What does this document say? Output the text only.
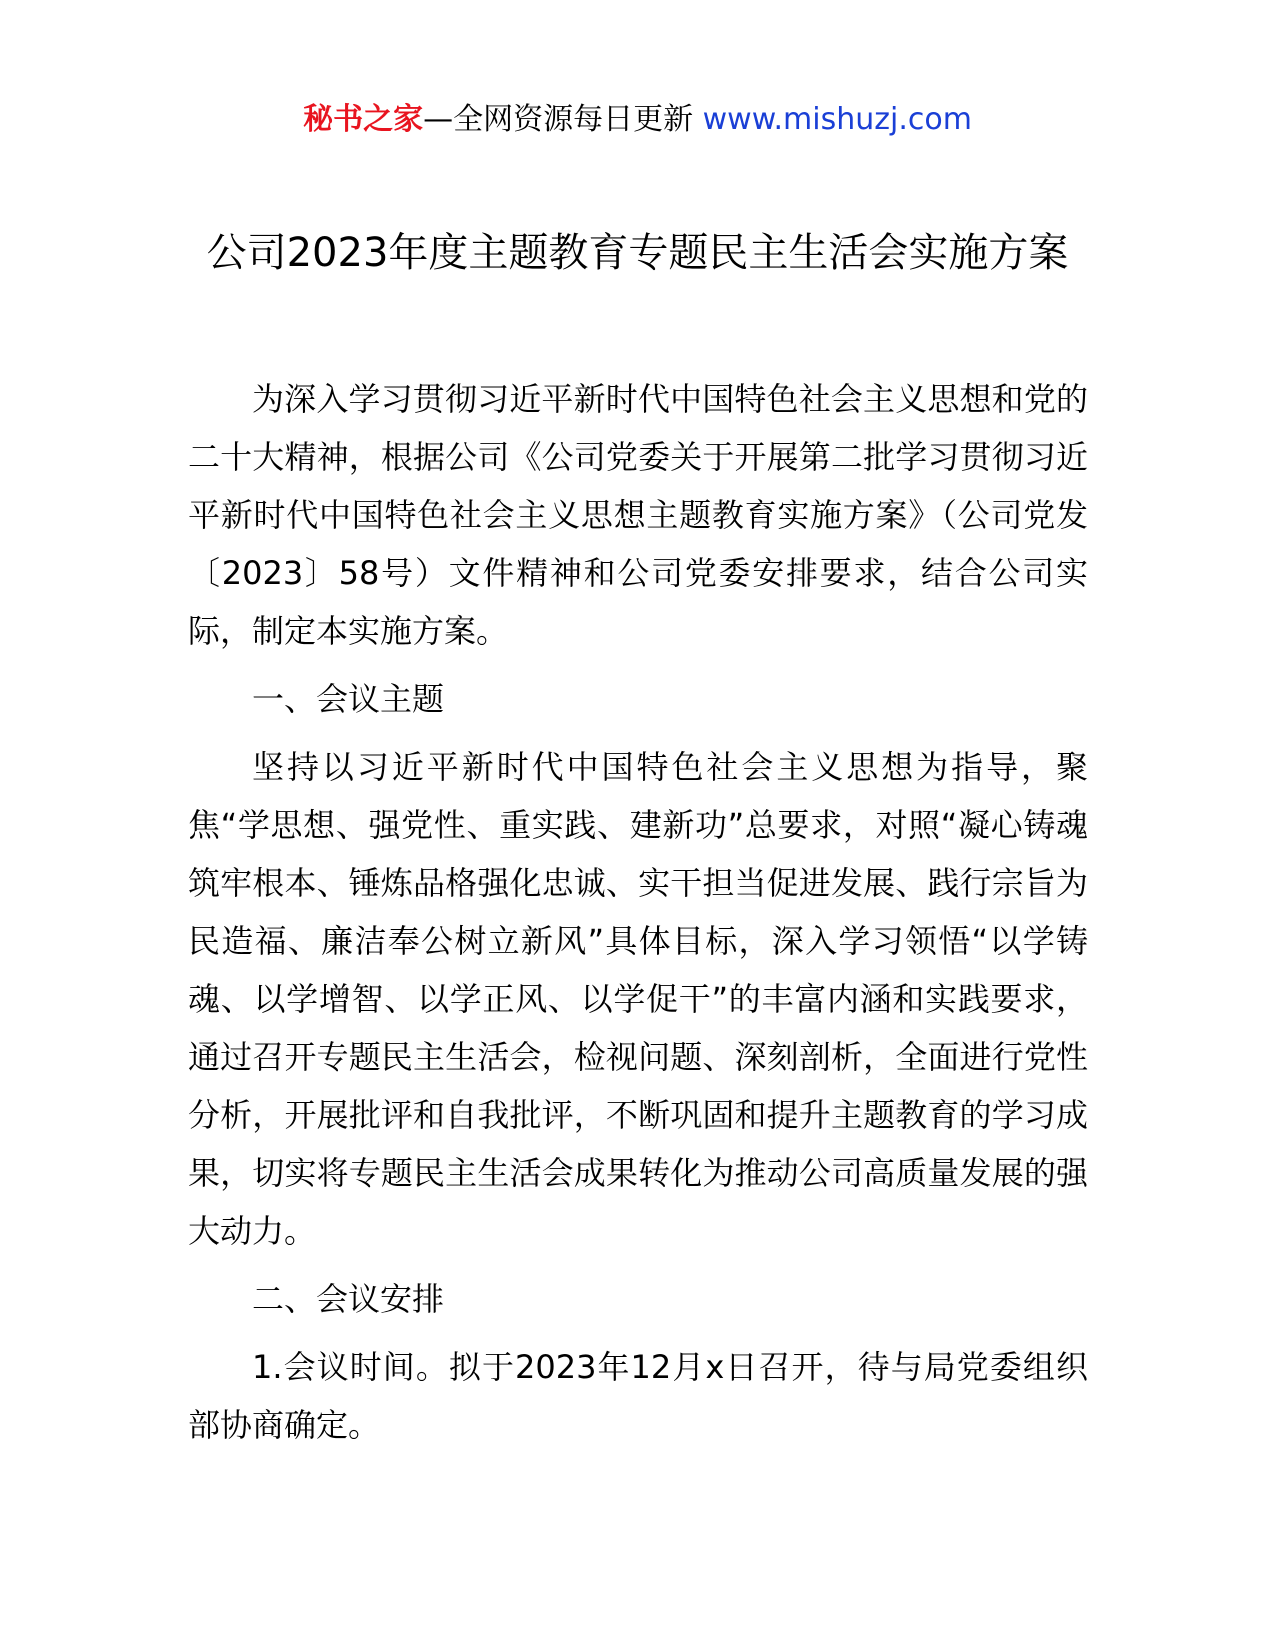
秘书之家—全网资源每日更新 www.mishuzj.com
公司2023年度主题教育专题民主生活会实施方案

为深入学习贯彻习近平新时代中国特色社会主义思想和党的二十大精神，根据公司《公司党委关于开展第二批学习贯彻习近平新时代中国特色社会主义思想主题教育实施方案》（公司党发〔2023〕58号）文件精神和公司党委安排要求，结合公司实际，制定本实施方案。

一、会议主题

坚持以习近平新时代中国特色社会主义思想为指导，聚焦“学思想、强党性、重实践、建新功”总要求，对照“凝心铸魂筑牢根本、锤炼品格强化忠诚、实干担当促进发展、践行宗旨为民造福、廉洁奉公树立新风”具体目标，深入学习领悟“以学铸魂、以学增智、以学正风、以学促干”的丰富内涵和实践要求，通过召开专题民主生活会，检视问题、深刻剖析，全面进行党性分析，开展批评和自我批评，不断巩固和提升主题教育的学习成果，切实将专题民主生活会成果转化为推动公司高质量发展的强大动力。

二、会议安排

1.会议时间。拟于2023年12月x日召开，待与局党委组织部协商确定。
